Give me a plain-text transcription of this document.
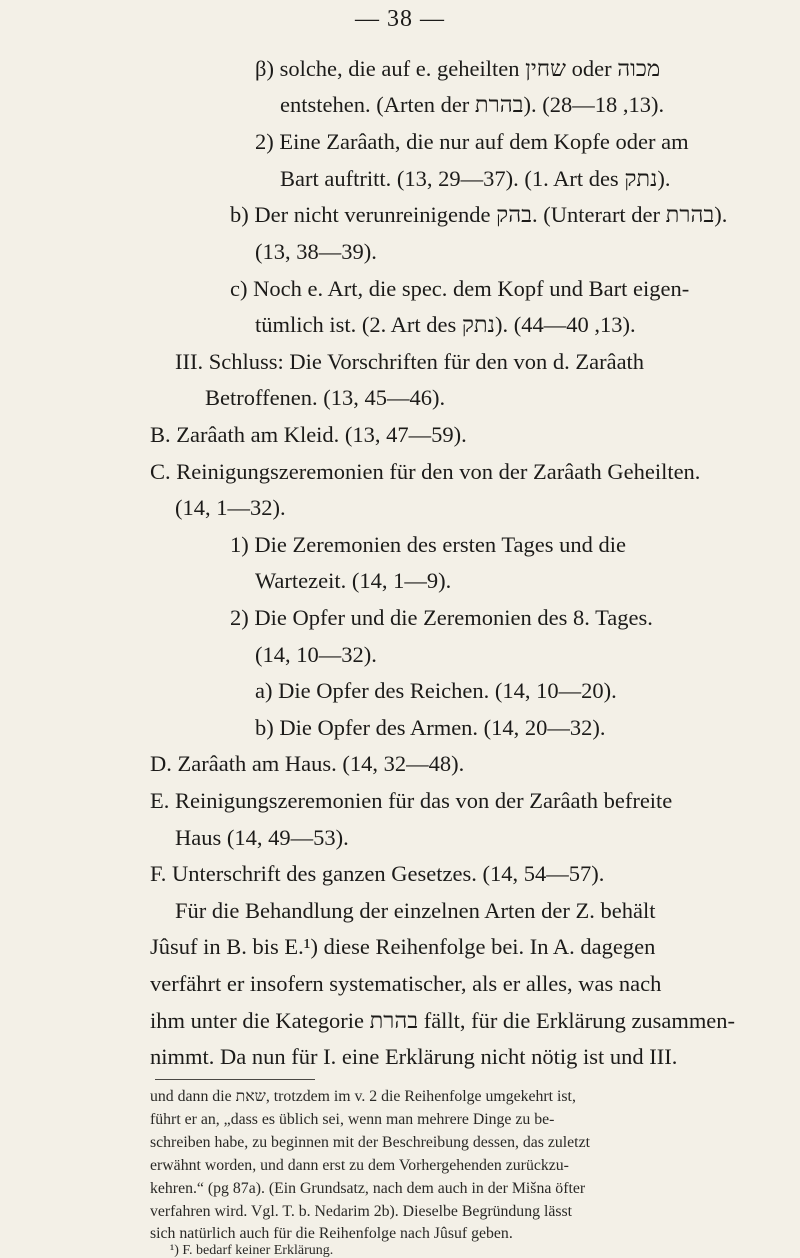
— 38 —
β) solche, die auf e. geheilten שחין oder מכוה
entstehen. (Arten der בהרת). (13, 18—28).
2) Eine Zarâath, die nur auf dem Kopfe oder am
Bart auftritt. (13, 29—37). (1. Art des נתק).
b) Der nicht verunreinigende בהק. (Unterart der בהרת).
(13, 38—39).
c) Noch e. Art, die spec. dem Kopf und Bart eigen-
tümlich ist. (2. Art des נתק). (13, 40—44).
III. Schluss: Die Vorschriften für den von d. Zarâath
Betroffenen. (13, 45—46).
B. Zarâath am Kleid. (13, 47—59).
C. Reinigungszeremonien für den von der Zarâath Geheilten.
(14, 1—32).
1) Die Zeremonien des ersten Tages und die
Wartezeit. (14, 1—9).
2) Die Opfer und die Zeremonien des 8. Tages.
(14, 10—32).
a) Die Opfer des Reichen. (14, 10—20).
b) Die Opfer des Armen. (14, 20—32).
D. Zarâath am Haus. (14, 32—48).
E. Reinigungszeremonien für das von der Zarâath befreite
Haus (14, 49—53).
F. Unterschrift des ganzen Gesetzes. (14, 54—57).
Für die Behandlung der einzelnen Arten der Z. behält
Jûsuf in B. bis E.¹) diese Reihenfolge bei. In A. dagegen
verfährt er insofern systematischer, als er alles, was nach
ihm unter die Kategorie בהרת fällt, für die Erklärung zusammen-
nimmt. Da nun für I. eine Erklärung nicht nötig ist und III.
und dann die שאת, trotzdem im v. 2 die Reihenfolge umgekehrt ist,
führt er an, „dass es üblich sei, wenn man mehrere Dinge zu be-
schreiben habe, zu beginnen mit der Beschreibung dessen, das zuletzt
erwähnt worden, und dann erst zu dem Vorhergehenden zurückzu-
kehren.“ (pg 87a). (Ein Grundsatz, nach dem auch in der Mišna öfter
verfahren wird. Vgl. T. b. Nedarim 2b). Dieselbe Begründung lässt
sich natürlich auch für die Reihenfolge nach Jûsuf geben.
¹) F. bedarf keiner Erklärung.
